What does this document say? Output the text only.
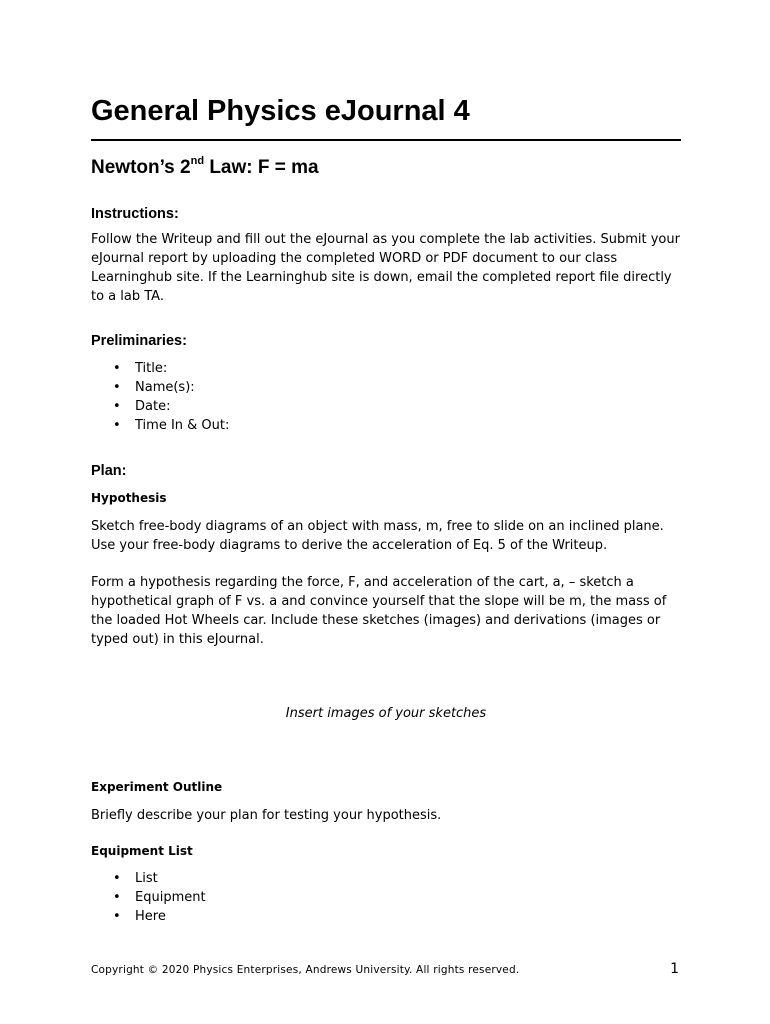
General Physics eJournal 4
Newton’s 2nd Law: F = ma
Instructions:

Follow the Writeup and fill out the eJournal as you complete the lab activities. Submit your eJournal report by uploading the completed WORD or PDF document to our class Learninghub site. If the Learninghub site is down, email the completed report file directly to a lab TA.

Preliminaries:
• Title:
• Name(s):
• Date:
• Time In & Out:
Plan:
Hypothesis

Sketch free-body diagrams of an object with mass, m, free to slide on an inclined plane. Use your free-body diagrams to derive the acceleration of Eq. 5 of the Writeup.

Form a hypothesis regarding the force, F, and acceleration of the cart, a, – sketch a hypothetical graph of F vs. a and convince yourself that the slope will be m, the mass of the loaded Hot Wheels car. Include these sketches (images) and derivations (images or typed out) in this eJournal.

Insert images of your sketches

Experiment Outline

Briefly describe your plan for testing your hypothesis.

Equipment List
• List
• Equipment
• Here
Copyright © 2020 Physics Enterprises, Andrews University. All rights reserved.	1
